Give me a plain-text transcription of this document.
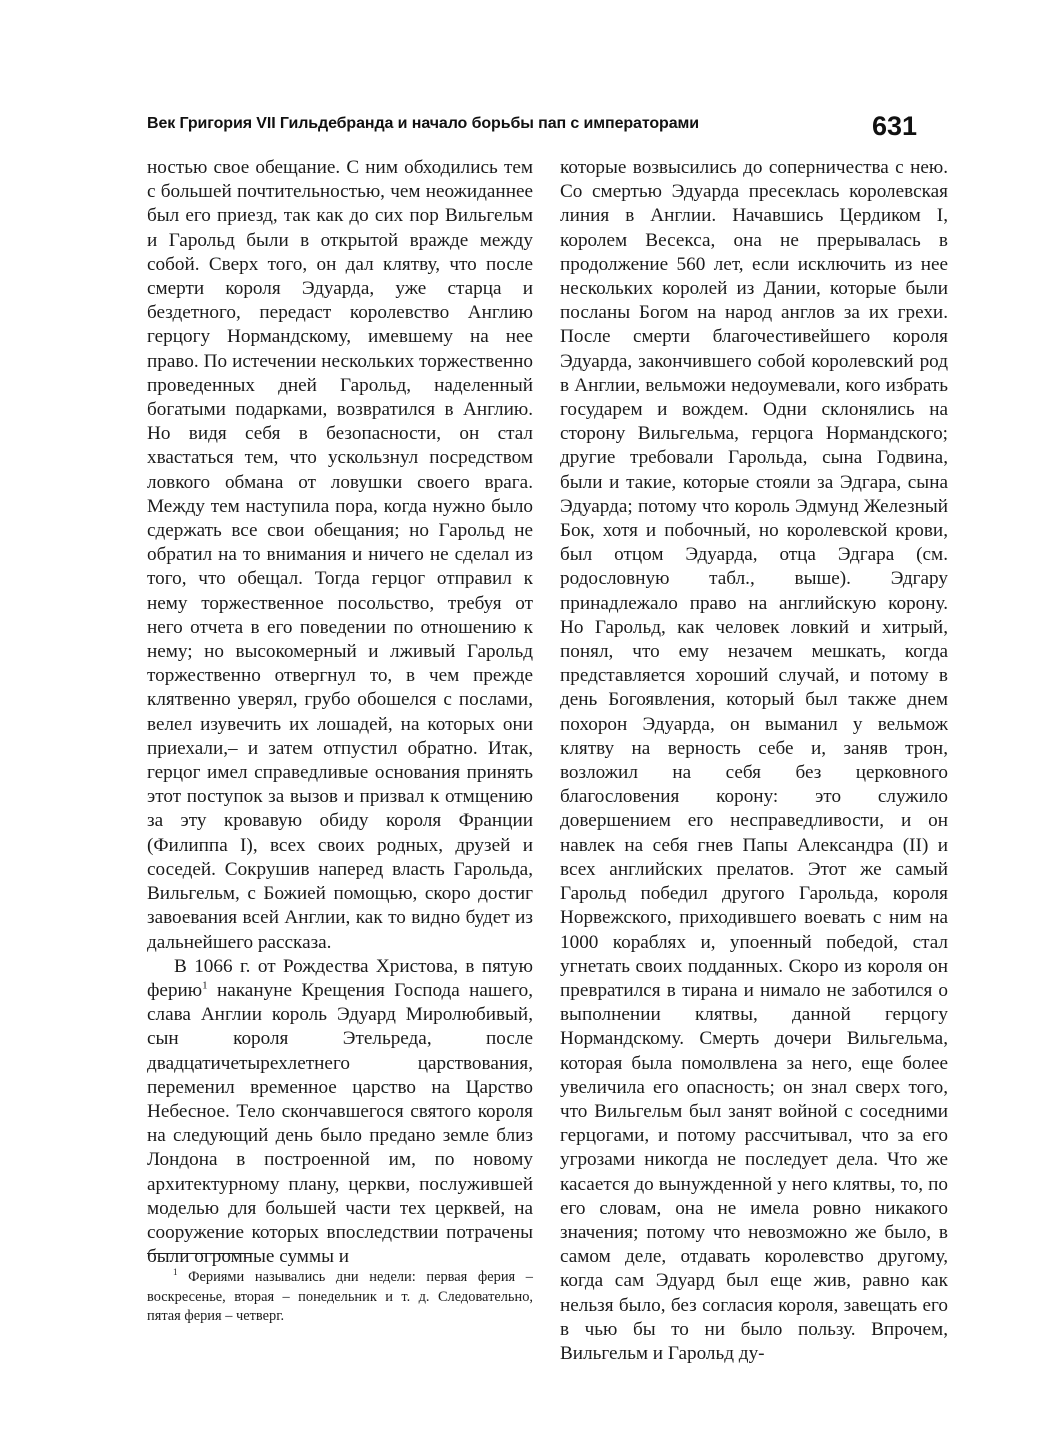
Век Григория VII Гильдебранда и начало борьбы пап с императорами	631

ностью свое обещание. С ним обходились тем с большей почтительностью, чем неожиданнее был его приезд, так как до сих пор Вильгельм и Гарольд были в открытой вражде между собой. Сверх того, он дал клятву, что после смерти короля Эдуарда, уже старца и бездетного, передаст королевство Англию герцогу Нормандскому, имевшему на нее право. По истечении нескольких торжественно проведенных дней Гарольд, наделенный богатыми подарками, возвратился в Англию. Но видя себя в безопасности, он стал хвастаться тем, что ускользнул посредством ловкого обмана от ловушки своего врага. Между тем наступила пора, когда нужно было сдержать все свои обещания; но Гарольд не обратил на то внимания и ничего не сделал из того, что обещал. Тогда герцог отправил к нему торжественное посольство, требуя от него отчета в его поведении по отношению к нему; но высокомерный и лживый Гарольд торжественно отвергнул то, в чем прежде клятвенно уверял, грубо обошелся с послами, велел изувечить их лошадей, на которых они приехали,– и затем отпустил обратно. Итак, герцог имел справедливые основания принять этот поступок за вызов и призвал к отмщению за эту кровавую обиду короля Франции (Филиппа I), всех своих родных, друзей и соседей. Сокрушив наперед власть Гарольда, Вильгельм, с Божией помощью, скоро достиг завоевания всей Англии, как то видно будет из дальнейшего рассказа.

В 1066 г. от Рождества Христова, в пятую ферию$^1$ накануне Крещения Господа нашего, слава Англии король Эдуард Миролюбивый, сын короля Этельреда, после двадцатичетырехлетнего царствования, переменил временное царство на Царство Небесное. Тело скончавшегося святого короля на следующий день было предано земле близ Лондона в построенной им, по новому архитектурному плану, церкви, послужившей моделью для большей части тех церквей, на сооружение которых впоследствии потрачены были огромные суммы и

которые возвысились до соперничества с нею. Со смертью Эдуарда пресеклась королевская линия в Англии. Начавшись Цердиком I, королем Весекса, она не прерывалась в продолжение 560 лет, если исключить из нее нескольких королей из Дании, которые были посланы Богом на народ англов за их грехи. После смерти благочестивейшего короля Эдуарда, закончившего собой королевский род в Англии, вельможи недоумевали, кого избрать государем и вождем. Одни склонялись на сторону Вильгельма, герцога Нормандского; другие требовали Гарольда, сына Годвина, были и такие, которые стояли за Эдгара, сына Эдуарда; потому что король Эдмунд Железный Бок, хотя и побочный, но королевской крови, был отцом Эдуарда, отца Эдгара (см. родословную табл., выше). Эдгару принадлежало право на английскую корону. Но Гарольд, как человек ловкий и хитрый, понял, что ему незачем мешкать, когда представляется хороший случай, и потому в день Богоявления, который был также днем похорон Эдуарда, он выманил у вельмож клятву на верность себе и, заняв трон, возложил на себя без церковного благословения корону: это служило довершением его несправедливости, и он навлек на себя гнев Папы Александра (II) и всех английских прелатов. Этот же самый Гарольд победил другого Гарольда, короля Норвежского, приходившего воевать с ним на 1000 кораблях и, упоенный победой, стал угнетать своих подданных. Скоро из короля он превратился в тирана и нимало не заботился о выполнении клятвы, данной герцогу Нормандскому. Смерть дочери Вильгельма, которая была помолвлена за него, еще более увеличила его опасность; он знал сверх того, что Вильгельм был занят войной с соседними герцогами, и потому рассчитывал, что за его угрозами никогда не последует дела. Что же касается до вынужденной у него клятвы, то, по его словам, она не имела ровно никакого значения; потому что невозможно же было, в самом деле, отдавать королевство другому, когда сам Эдуард был еще жив, равно как нельзя было, без согласия короля, завещать его в чью бы то ни было пользу. Впрочем, Вильгельм и Гарольд ду-

$^1$ Фериями назывались дни недели: первая ферия – воскресенье, вторая – понедельник и т. д. Следовательно, пятая ферия – четверг.
